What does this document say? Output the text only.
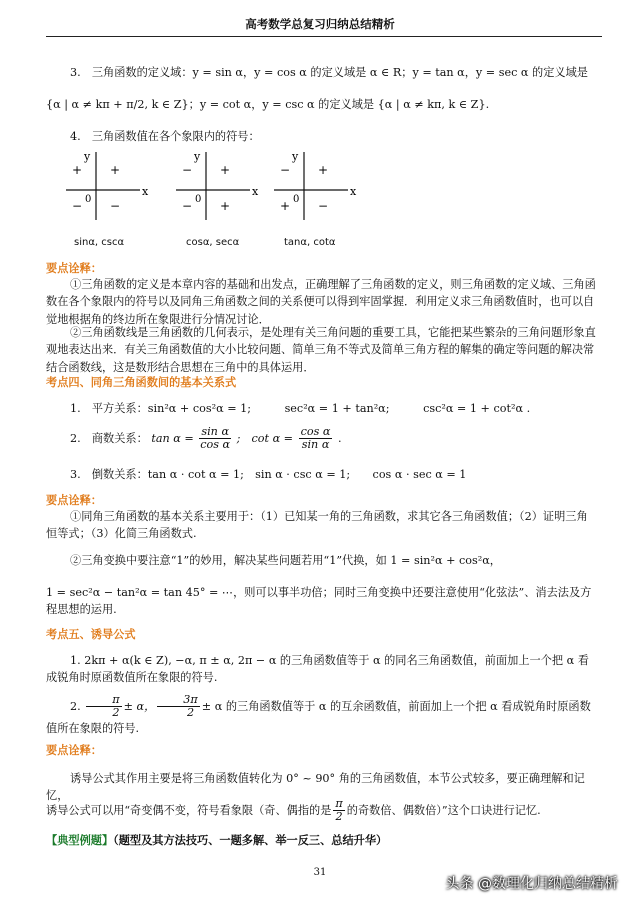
高考数学总复习归纳总结精析
3.　三角函数的定义域：y = sin α，y = cos α 的定义域是 α ∈ R；y = tan α，y = sec α 的定义域是
{α | α ≠ kπ + π/2, k ∈ Z}；y = cot α，y = csc α 的定义域是 {α | α ≠ kπ, k ∈ Z}.
4.　三角函数值在各个象限内的符号：
x
y
0
+
+
− −
x
y
0
+
−
− +
x
y
0
+
−
+ −
sinα, cscα	cosα, secα	tanα, cotα
要点诠释：
①三角函数的定义是本章内容的基础和出发点，正确理解了三角函数的定义，则三角函数的定义域、三角函数在各个象限内的符号以及同角三角函数之间的关系便可以得到牢固掌握．利用定义求三角函数值时，也可以自觉地根据角的终边所在象限进行分情况讨论．
②三角函数线是三角函数的几何表示，是处理有关三角问题的重要工具，它能把某些繁杂的三角问题形象直观地表达出来．有关三角函数值的大小比较问题、简单三角不等式及简单三角方程的解集的确定等问题的解决常结合函数线，这是数形结合思想在三角中的具体运用．
考点四、同角三角函数间的基本关系式
1.　平方关系：sin²α + cos²α = 1;　　　sec²α = 1 + tan²α;　　　csc²α = 1 + cot²α .
2.　商数关系： $\tan \alpha = \frac{\text{sin α}}{\text{cos α}}$ ;　$\cot \alpha = \frac{\text{cos α}}{\text{sin α}}$ .
3.　倒数关系：tan α · cot α = 1;　sin α · csc α = 1;　　cos α · sec α = 1
要点诠释：
①同角三角函数的基本关系主要用于：（1）已知某一角的三角函数，求其它各三角函数值；（2）证明三角恒等式；（3）化简三角函数式.
②三角变换中要注意“1”的妙用，解决某些问题若用“1”代换，如 1 = sin²α + cos²α，
1 = sec²α − tan²α = tan 45° = ⋯，则可以事半功倍；同时三角变换中还要注意使用“化弦法”、消去法及方程思想的运用.
考点五、诱导公式
1. 2kπ + α(k ∈ Z), −α, π ± α, 2π − α 的三角函数值等于 α 的同名三角函数值，前面加上一个把 α 看成锐角时原函数值所在象限的符号.
2. $\frac{\pi}{2} \pm \alpha$， $\frac{3\pi}{2} \pm \alpha$ 的三角函数值等于 α 的互余函数值，前面加上一个把 α 看成锐角时原函数值所在象限的符号.
要点诠释：
诱导公式其作用主要是将三角函数值转化为 0° ~ 90° 角的三角函数值，本节公式较多，要正确理解和记忆，
诱导公式可以用“奇变偶不变，符号看象限（奇、偶指的是 $\frac{\pi}{2}$ 的奇数倍、偶数倍）”这个口诀进行记忆.
【典型例题】（题型及其方法技巧、一题多解、举一反三、总结升华）
31
头条 @数理化归纳总结精析
